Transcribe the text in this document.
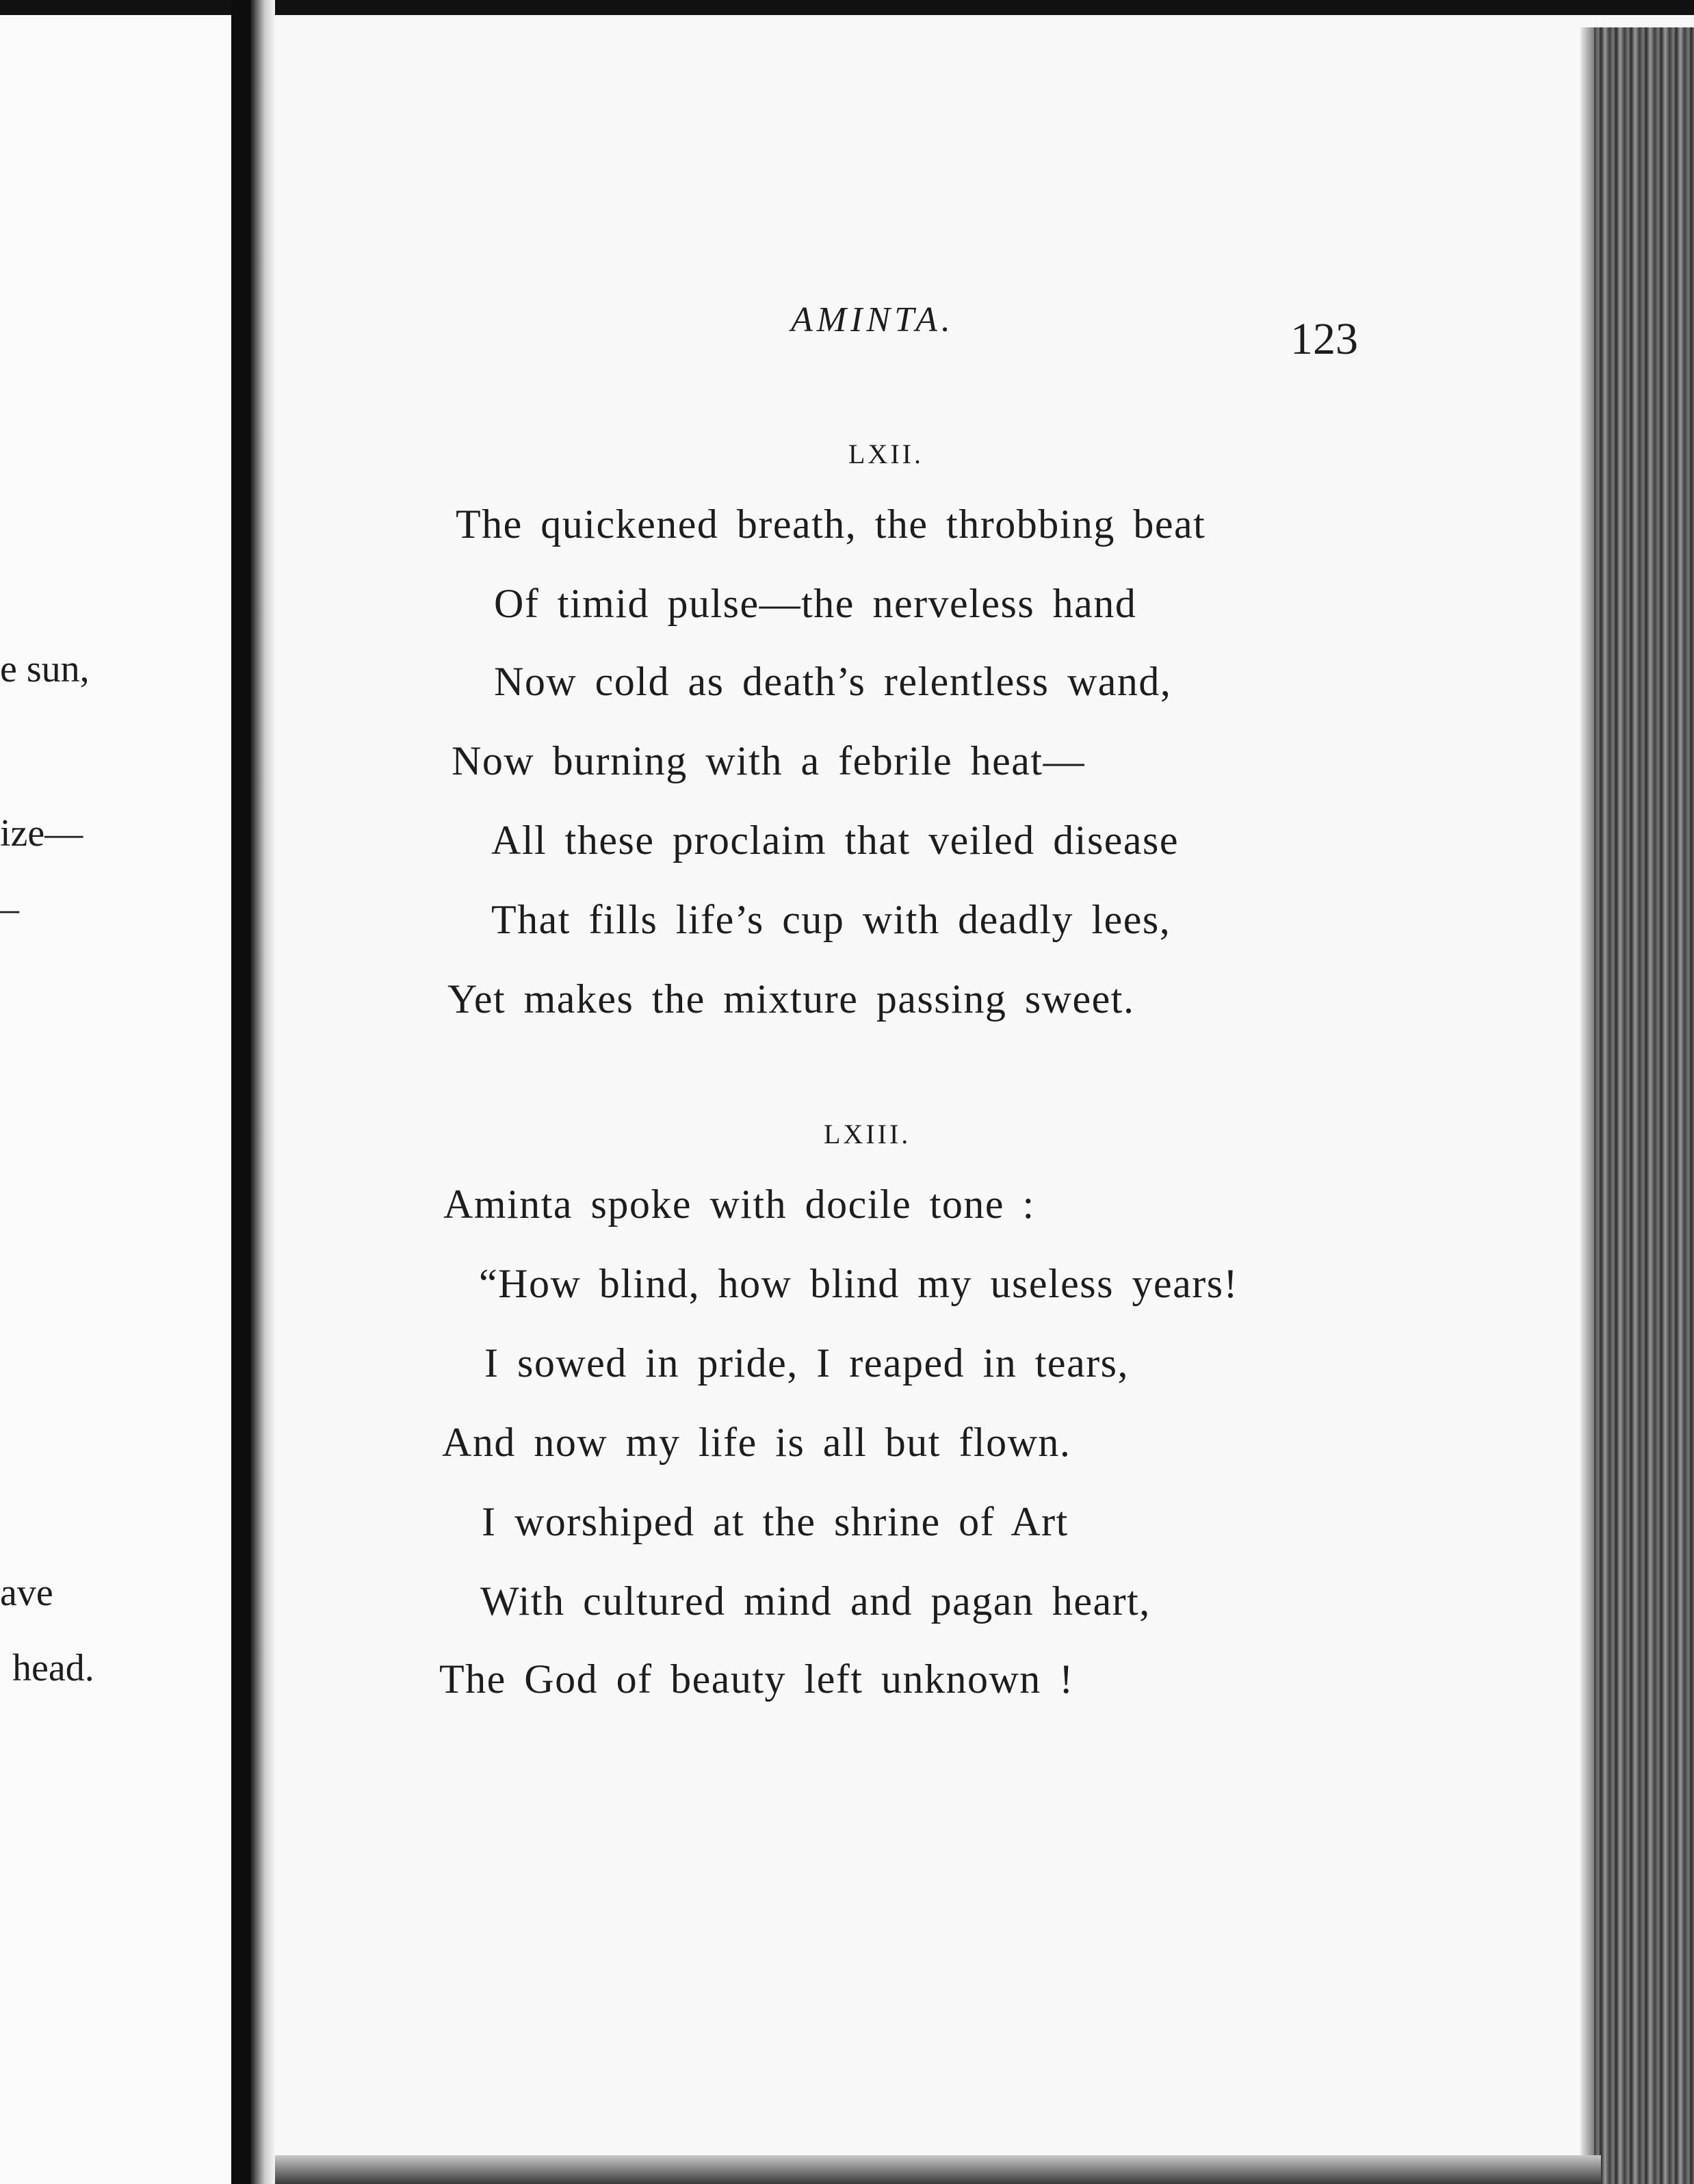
e sun,
ize—
–
ave
head.
AMINTA.	123
LXII.
The quickened breath, the throbbing beat
Of timid pulse—the nerveless hand
Now cold as death’s relentless wand,
Now burning with a febrile heat—
All these proclaim that veiled disease
That fills life’s cup with deadly lees,
Yet makes the mixture passing sweet.
LXIII.
Aminta spoke with docile tone :
“How blind, how blind my useless years!
I sowed in pride, I reaped in tears,
And now my life is all but flown.
I worshiped at the shrine of Art
With cultured mind and pagan heart,
The God of beauty left unknown !
